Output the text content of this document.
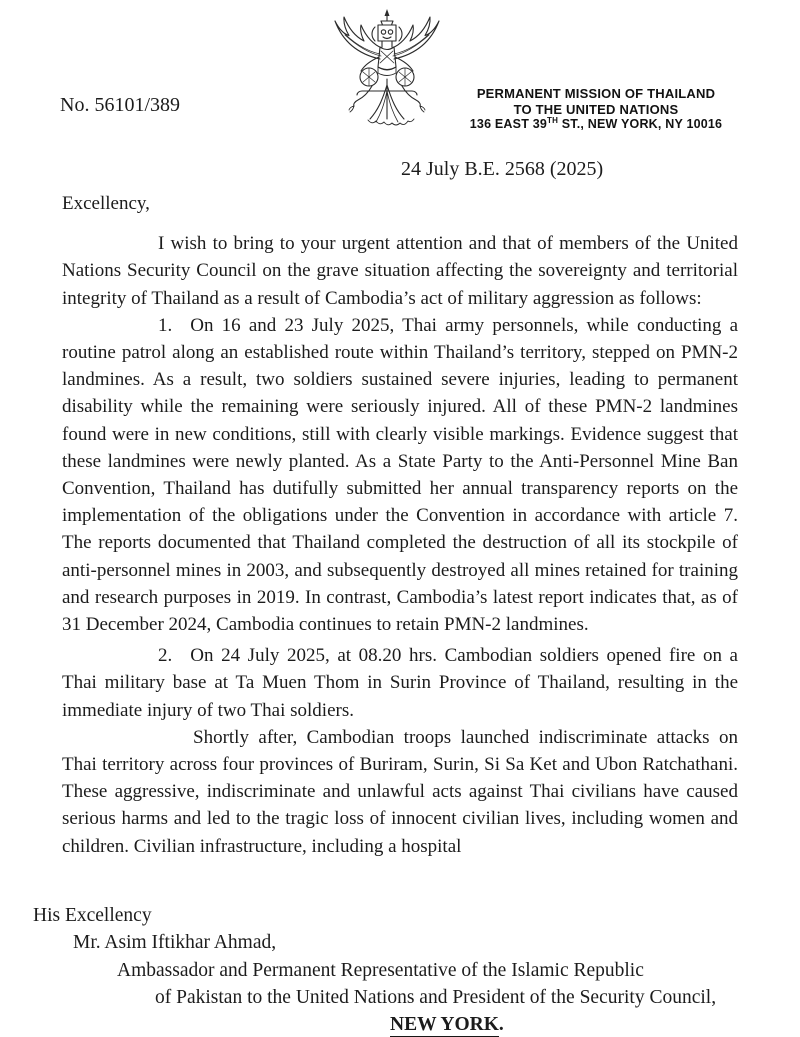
No. 56101/389
PERMANENT MISSION OF THAILAND
TO THE UNITED NATIONS
136 EAST 39TH ST., NEW YORK, NY 10016
24 July B.E. 2568 (2025)
Excellency,

I wish to bring to your urgent attention and that of members of the United Nations Security Council on the grave situation affecting the sovereignty and territorial integrity of Thailand as a result of Cambodia’s act of military aggression as follows:

1. On 16 and 23 July 2025, Thai army personnels, while conducting a routine patrol along an established route within Thailand’s territory, stepped on PMN-2 landmines. As a result, two soldiers sustained severe injuries, leading to permanent disability while the remaining were seriously injured. All of these PMN-2 landmines found were in new conditions, still with clearly visible markings. Evidence suggest that these landmines were newly planted. As a State Party to the Anti-Personnel Mine Ban Convention, Thailand has dutifully submitted her annual transparency reports on the implementation of the obligations under the Convention in accordance with article 7. The reports documented that Thailand completed the destruction of all its stockpile of anti-personnel mines in 2003, and subsequently destroyed all mines retained for training and research purposes in 2019. In contrast, Cambodia’s latest report indicates that, as of 31 December 2024, Cambodia continues to retain PMN-2 landmines.

2. On 24 July 2025, at 08.20 hrs. Cambodian soldiers opened fire on a Thai military base at Ta Muen Thom in Surin Province of Thailand, resulting in the immediate injury of two Thai soldiers.

Shortly after, Cambodian troops launched indiscriminate attacks on Thai territory across four provinces of Buriram, Surin, Si Sa Ket and Ubon Ratchathani. These aggressive, indiscriminate and unlawful acts against Thai civilians have caused serious harms and led to the tragic loss of innocent civilian lives, including women and children. Civilian infrastructure, including a hospital

His Excellency
Mr. Asim Iftikhar Ahmad,
Ambassador and Permanent Representative of the Islamic Republic
of Pakistan to the United Nations and President of the Security Council,
NEW YORK.
